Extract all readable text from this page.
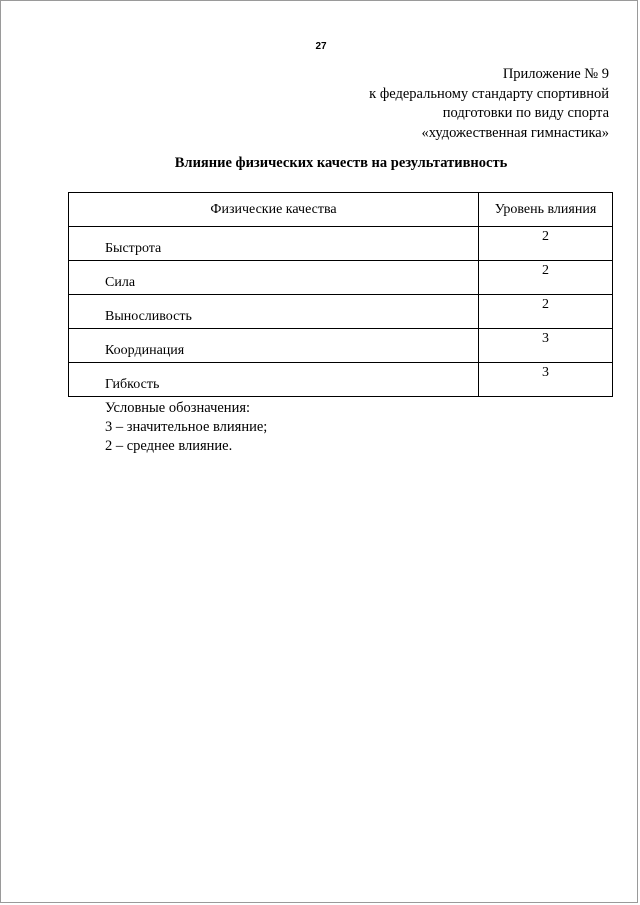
27
Приложение № 9
к федеральному стандарту спортивной
подготовки по виду спорта
«художественная гимнастика»
Влияние физических качеств на результативность
Физические качества	Уровень влияния
Быстрота	2
Сила	2
Выносливость	2
Координация	3
Гибкость	3
Условные обозначения:
3 – значительное влияние;
2 – среднее влияние.
